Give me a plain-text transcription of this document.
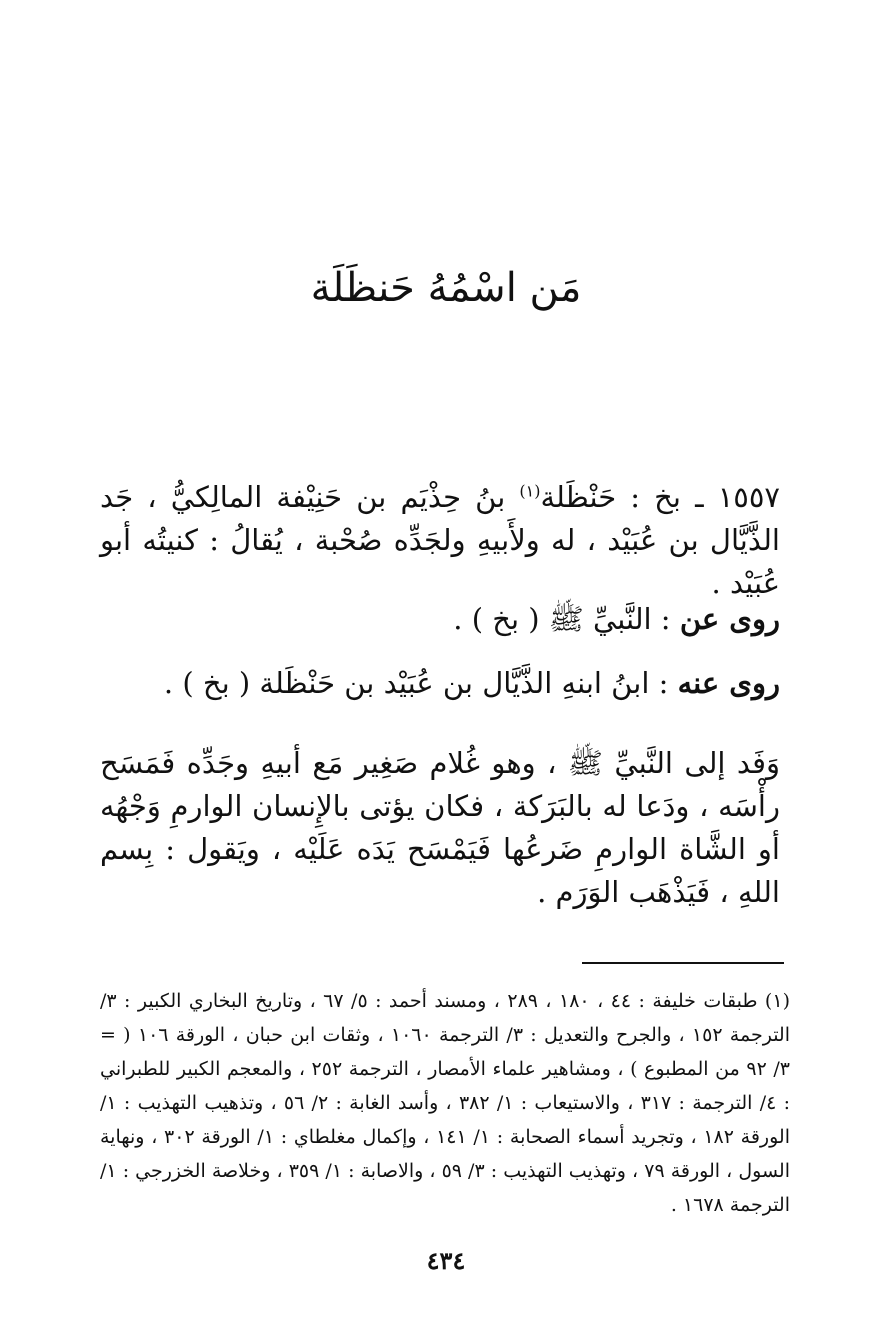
مَن اسْمُهُ حَنظَلَة
١٥٥٧ ـ بخ : حَنْظَلة$^{(١)}$ بنُ حِذْيَم بن حَنِيْفة المالِكيُّ ، جَد الذَّيَّال بن عُبَيْد ، له ولأَبيهِ ولجَدِّه صُحْبة ، يُقالُ : كنيتُه أبو عُبَيْد .
روى عن : النَّبيِّ ﷺ ( بخ ) .
روى عنه : ابنُ ابنهِ الذَّيَّال بن عُبَيْد بن حَنْظَلة ( بخ ) .
وَفَد إلى النَّبيِّ ﷺ ، وهو غُلام صَغِير مَع أبيهِ وجَدِّه فَمَسَح رأْسَه ، ودَعا له بالبَرَكة ، فكان يؤتى بالإِنسان الوارمِ وَجْهُه أو الشَّاة الوارمِ ضَرعُها فَيَمْسَح يَدَه عَلَيْه ، ويَقول : بِسم اللهِ ، فَيَذْهَب الوَرَم .
(١) طبقات خليفة : ٤٤ ، ١٨٠ ، ٢٨٩ ، ومسند أحمد : ٥/ ٦٧ ، وتاريخ البخاري الكبير : ٣/ الترجمة ١٥٢ ، والجرح والتعديل : ٣/ الترجمة ١٠٦٠ ، وثقات ابن حبان ، الورقة ١٠٦ ( = ٣/ ٩٢ من المطبوع ) ، ومشاهير علماء الأمصار ، الترجمة ٢٥٢ ، والمعجم الكبير للطبراني : ٤/ الترجمة : ٣١٧ ، والاستيعاب : ١/ ٣٨٢ ، وأسد الغابة : ٢/ ٥٦ ، وتذهيب التهذيب : ١/ الورقة ١٨٢ ، وتجريد أسماء الصحابة : ١/ ١٤١ ، وإكمال مغلطاي : ١/ الورقة ٣٠٢ ، ونهاية السول ، الورقة ٧٩ ، وتهذيب التهذيب : ٣/ ٥٩ ، والاصابة : ١/ ٣٥٩ ، وخلاصة الخزرجي : ١/ الترجمة ١٦٧٨ .
٤٣٤
